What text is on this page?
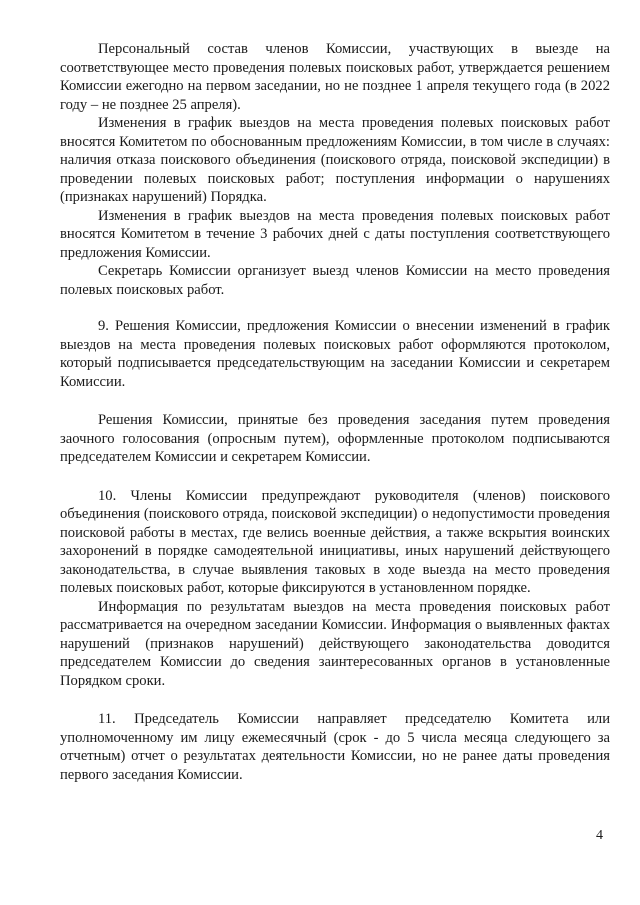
Персональный состав членов Комиссии, участвующих в выезде на соответствующее место проведения полевых поисковых работ, утверждается решением Комиссии ежегодно на первом заседании, но не позднее 1 апреля текущего года (в 2022 году – не позднее 25 апреля).

Изменения в график выездов на места проведения полевых поисковых работ вносятся Комитетом по обоснованным предложениям Комиссии, в том числе в случаях: наличия отказа поискового объединения (поискового отряда, поисковой экспедиции) в проведении полевых поисковых работ; поступления информации о нарушениях (признаках нарушений) Порядка.

Изменения в график выездов на места проведения полевых поисковых работ вносятся Комитетом в течение 3 рабочих дней с даты поступления соответствующего предложения Комиссии.

Секретарь Комиссии организует выезд членов Комиссии на место проведения полевых поисковых работ.

9. Решения Комиссии, предложения Комиссии о внесении изменений в график выездов на места проведения полевых поисковых работ оформляются протоколом, который подписывается председательствующим на заседании Комиссии и секретарем Комиссии.

Решения Комиссии, принятые без проведения заседания путем проведения заочного голосования (опросным путем), оформленные протоколом подписываются председателем Комиссии и секретарем Комиссии.

10. Члены Комиссии предупреждают руководителя (членов) поискового объединения (поискового отряда, поисковой экспедиции) о недопустимости проведения поисковой работы в местах, где велись военные действия, а также вскрытия воинских захоронений в порядке самодеятельной инициативы, иных нарушений действующего законодательства, в случае выявления таковых в ходе выезда на место проведения полевых поисковых работ, которые фиксируются в установленном порядке.

Информация по результатам выездов на места проведения поисковых работ рассматривается на очередном заседании Комиссии. Информация о выявленных фактах нарушений (признаков нарушений) действующего законодательства доводится председателем Комиссии до сведения заинтересованных органов в установленные Порядком сроки.

11. Председатель Комиссии направляет председателю Комитета или уполномоченному им лицу ежемесячный (срок - до 5 числа месяца следующего за отчетным) отчет о результатах деятельности Комиссии, но не ранее даты проведения первого заседания Комиссии.

4
